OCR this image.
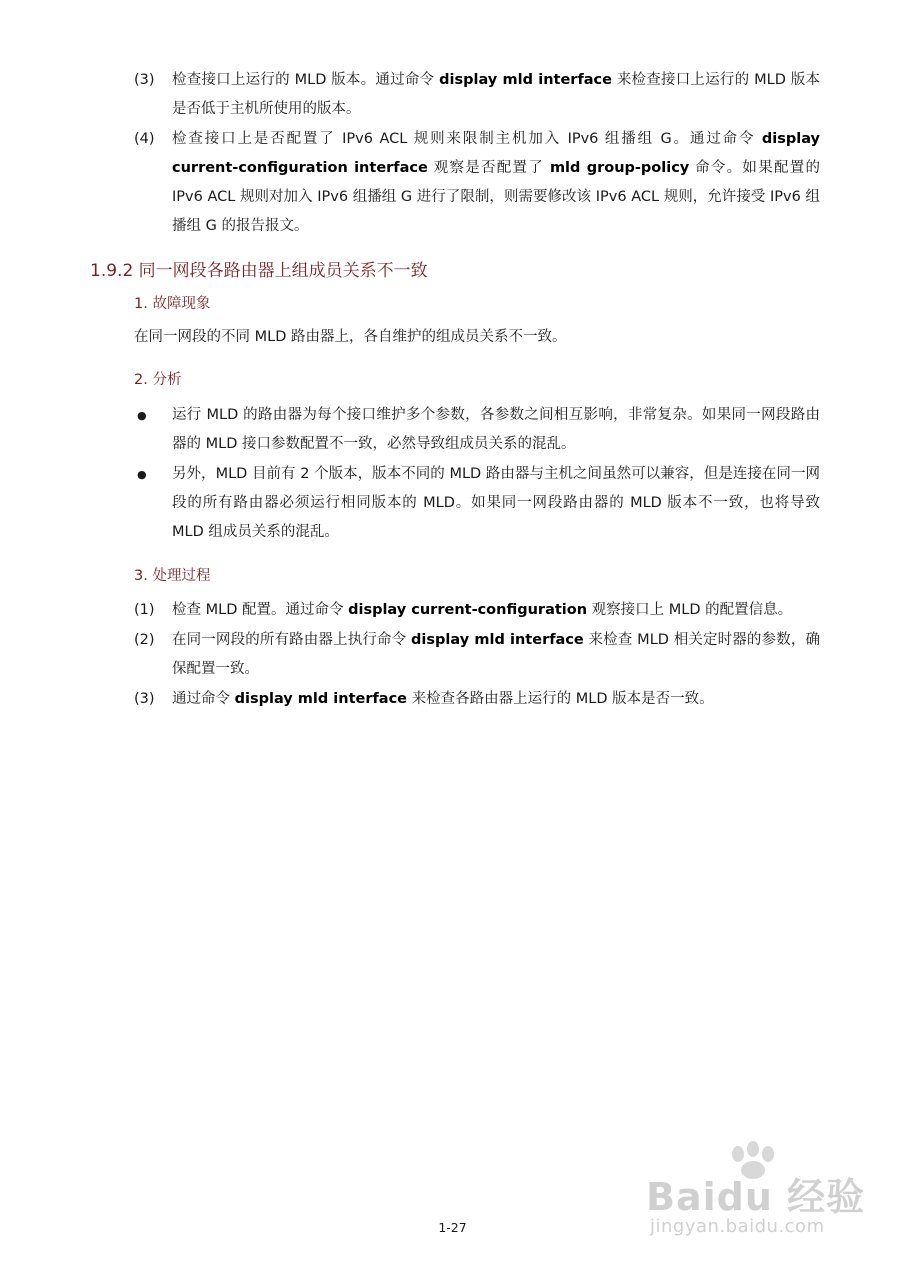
(3) 检查接口上运行的 MLD 版本。通过命令 display mld interface 来检查接口上运行的 MLD 版本是否低于主机所使用的版本。
(4) 检查接口上是否配置了 IPv6 ACL 规则来限制主机加入 IPv6 组播组 G。通过命令 display current-configuration interface 观察是否配置了 mld group-policy 命令。如果配置的 IPv6 ACL 规则对加入 IPv6 组播组 G 进行了限制，则需要修改该 IPv6 ACL 规则，允许接受 IPv6 组播组 G 的报告报文。
1.9.2 同一网段各路由器上组成员关系不一致
1. 故障现象
在同一网段的不同 MLD 路由器上，各自维护的组成员关系不一致。
2. 分析
● 运行 MLD 的路由器为每个接口维护多个参数，各参数之间相互影响，非常复杂。如果同一网段路由器的 MLD 接口参数配置不一致，必然导致组成员关系的混乱。
● 另外，MLD 目前有 2 个版本，版本不同的 MLD 路由器与主机之间虽然可以兼容，但是连接在同一网段的所有路由器必须运行相同版本的 MLD。如果同一网段路由器的 MLD 版本不一致，也将导致 MLD 组成员关系的混乱。
3. 处理过程
(1) 检查 MLD 配置。通过命令 display current-configuration 观察接口上 MLD 的配置信息。
(2) 在同一网段的所有路由器上执行命令 display mld interface 来检查 MLD 相关定时器的参数，确保配置一致。
(3) 通过命令 display mld interface 来检查各路由器上运行的 MLD 版本是否一致。
1-27
Baidu 经验
jingyan.baidu.com
